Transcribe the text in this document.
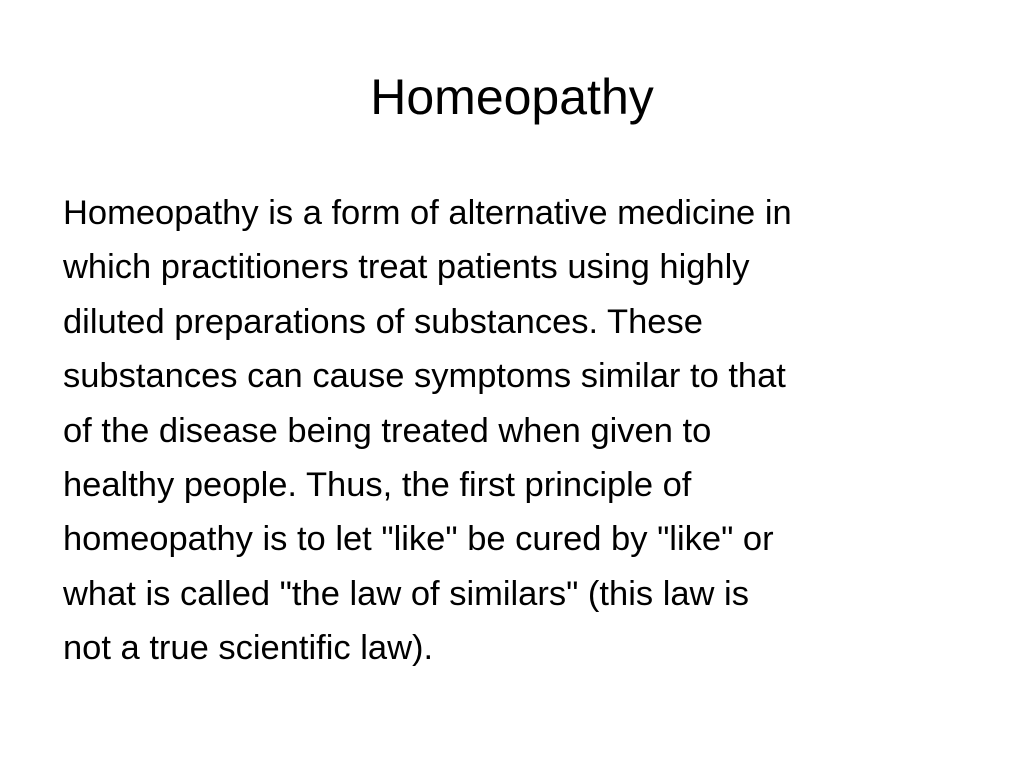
Homeopathy
Homeopathy is a form of alternative medicine in
which practitioners treat patients using highly
diluted preparations of substances. These
substances can cause symptoms similar to that
of the disease being treated when given to
healthy people. Thus, the first principle of
homeopathy is to let "like" be cured by "like" or
what is called "the law of similars" (this law is
not a true scientific law).
